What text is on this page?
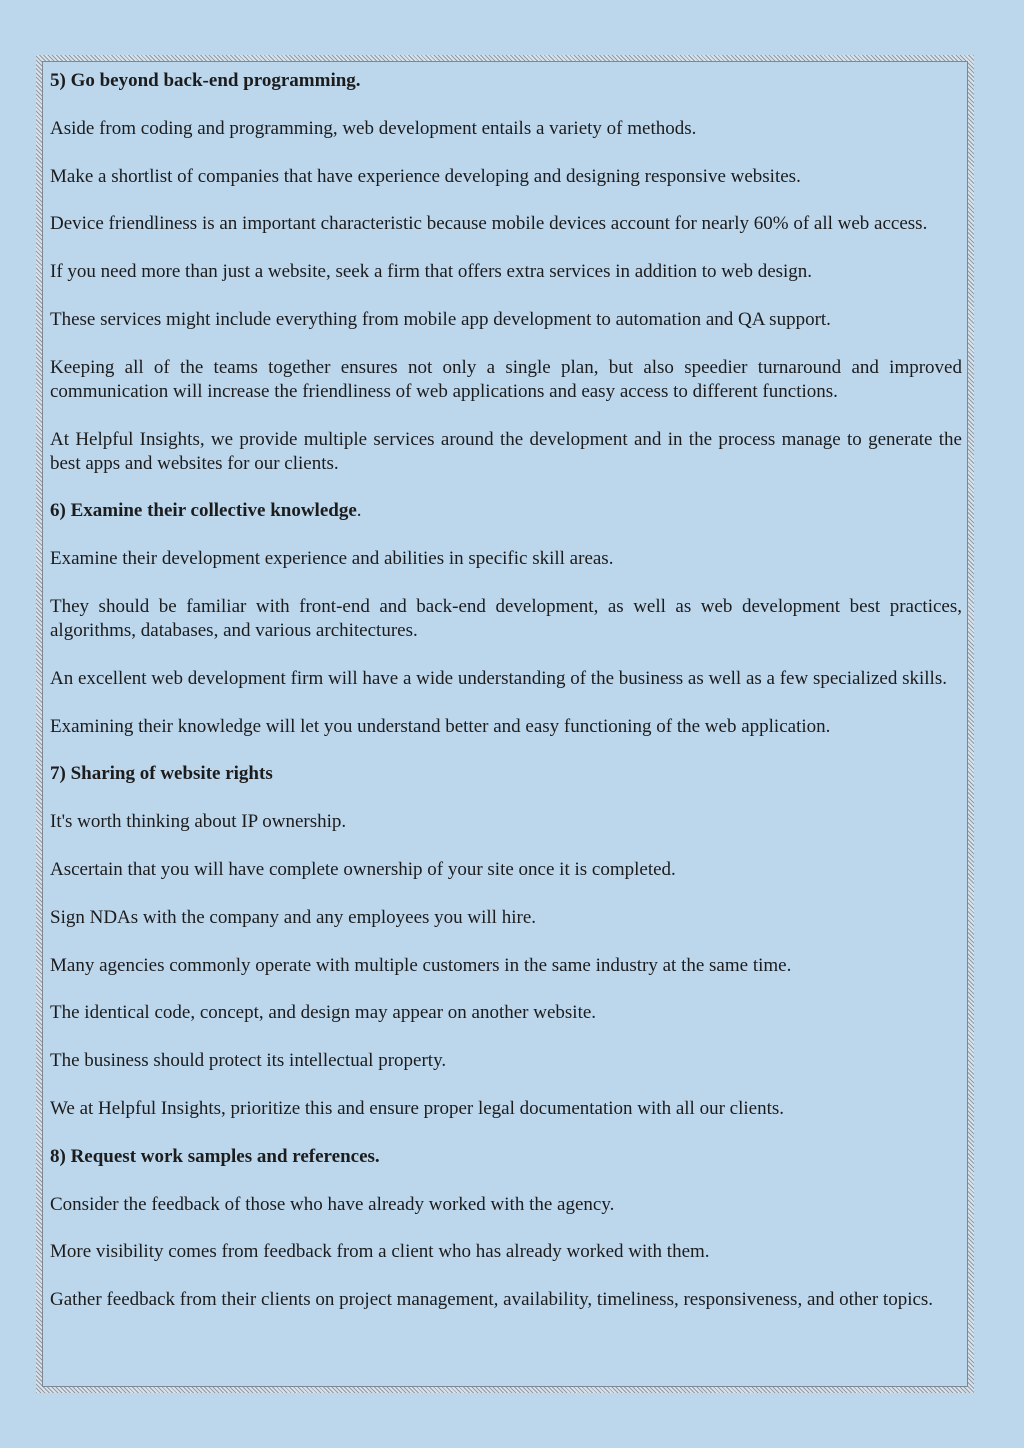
5) Go beyond back-end programming.

Aside from coding and programming, web development entails a variety of methods.

Make a shortlist of companies that have experience developing and designing responsive websites.

Device friendliness is an important characteristic because mobile devices account for nearly 60% of all web access.

If you need more than just a website, seek a firm that offers extra services in addition to web design.

These services might include everything from mobile app development to automation and QA support.

Keeping all of the teams together ensures not only a single plan, but also speedier turnaround and improved communication will increase the friendliness of web applications and easy access to different functions.

At Helpful Insights, we provide multiple services around the development and in the process manage to generate the best apps and websites for our clients.

6) Examine their collective knowledge.

Examine their development experience and abilities in specific skill areas.

They should be familiar with front-end and back-end development, as well as web development best practices, algorithms, databases, and various architectures.

An excellent web development firm will have a wide understanding of the business as well as a few specialized skills.

Examining their knowledge will let you understand better and easy functioning of the web application.

7) Sharing of website rights

It's worth thinking about IP ownership.

Ascertain that you will have complete ownership of your site once it is completed.

Sign NDAs with the company and any employees you will hire.

Many agencies commonly operate with multiple customers in the same industry at the same time.

The identical code, concept, and design may appear on another website.

The business should protect its intellectual property.

We at Helpful Insights, prioritize this and ensure proper legal documentation with all our clients.

8) Request work samples and references.

Consider the feedback of those who have already worked with the agency.

More visibility comes from feedback from a client who has already worked with them.

Gather feedback from their clients on project management, availability, timeliness, responsiveness, and other topics.
